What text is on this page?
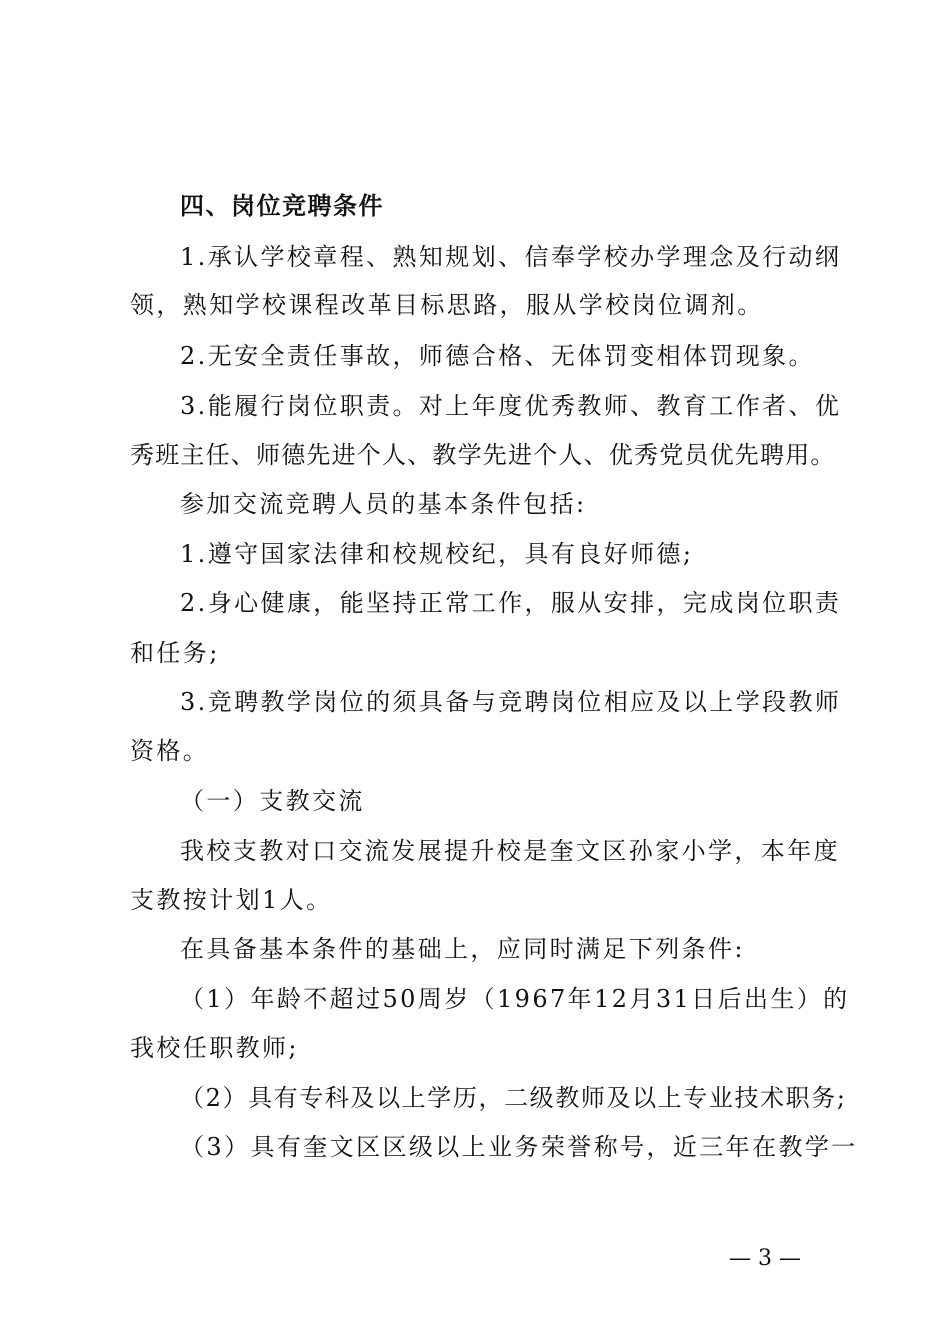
四、岗位竞聘条件
1.承认学校章程、熟知规划、信奉学校办学理念及行动纲
领，熟知学校课程改革目标思路，服从学校岗位调剂。
2.无安全责任事故，师德合格、无体罚变相体罚现象。
3.能履行岗位职责。对上年度优秀教师、教育工作者、优
秀班主任、师德先进个人、教学先进个人、优秀党员优先聘用。
参加交流竞聘人员的基本条件包括:
1.遵守国家法律和校规校纪，具有良好师德;
2.身心健康，能坚持正常工作，服从安排，完成岗位职责
和任务;
3.竞聘教学岗位的须具备与竞聘岗位相应及以上学段教师
资格。
（一）支教交流
我校支教对口交流发展提升校是奎文区孙家小学，本年度
支教按计划1人。
在具备基本条件的基础上，应同时满足下列条件:
（1）年龄不超过50周岁（1967年12月31日后出生）的
我校任职教师;
（2）具有专科及以上学历，二级教师及以上专业技术职务;
（3）具有奎文区区级以上业务荣誉称号，近三年在教学一
— 3 —
